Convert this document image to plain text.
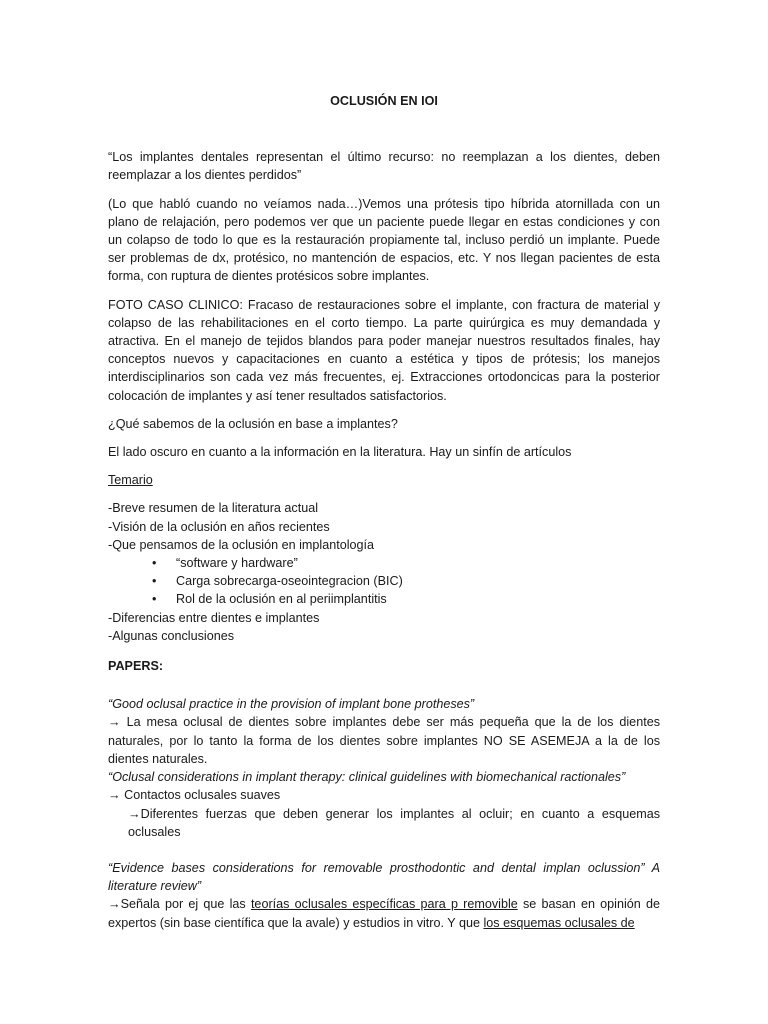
OCLUSIÓN EN IOI

“Los implantes dentales representan el último recurso: no reemplazan a los dientes, deben reemplazar a los dientes perdidos”

(Lo que habló cuando no veíamos nada…)Vemos una prótesis tipo híbrida atornillada con un plano de relajación, pero podemos ver que un paciente puede llegar en estas condiciones y con un colapso de todo lo que es la restauración propiamente tal, incluso perdió un implante. Puede ser problemas de dx, protésico, no mantención de espacios, etc. Y nos llegan pacientes de esta forma, con ruptura de dientes protésicos sobre implantes.

FOTO CASO CLINICO: Fracaso de restauraciones sobre el implante, con fractura de material y colapso de las rehabilitaciones en el corto tiempo. La parte quirúrgica es muy demandada y atractiva. En el manejo de tejidos blandos para poder manejar nuestros resultados finales, hay conceptos nuevos y capacitaciones en cuanto a estética y tipos de prótesis; los manejos interdisciplinarios son cada vez más frecuentes, ej. Extracciones ortodoncicas para la posterior colocación de implantes y así tener resultados satisfactorios.

¿Qué sabemos de la oclusión en base a implantes?

El lado oscuro en cuanto a la información en la literatura. Hay un sinfín de artículos

Temario

-Breve resumen de la literatura actual
-Visión de la oclusión en años recientes
-Que pensamos de la oclusión en implantología
• “software y hardware”
• Carga sobrecarga-oseointegracion (BIC)
• Rol de la oclusión en al periimplantitis
-Diferencias entre dientes e implantes
-Algunas conclusiones
PAPERS:
“Good oclusal practice in the provision of implant bone protheses”
→ La mesa oclusal de dientes sobre implantes debe ser más pequeña que la de los dientes naturales, por lo tanto la forma de los dientes sobre implantes NO SE ASEMEJA a la de los dientes naturales.
“Oclusal considerations in implant therapy: clinical guidelines with biomechanical ractionales”
→ Contactos oclusales suaves
→Diferentes fuerzas que deben generar los implantes al ocluir; en cuanto a esquemas oclusales
“Evidence bases considerations for removable prosthodontic and dental implan oclussion” A literature review”
→Señala por ej que las teorías oclusales específicas para p removible se basan en opinión de expertos (sin base científica que la avale) y estudios in vitro. Y que los esquemas oclusales de
